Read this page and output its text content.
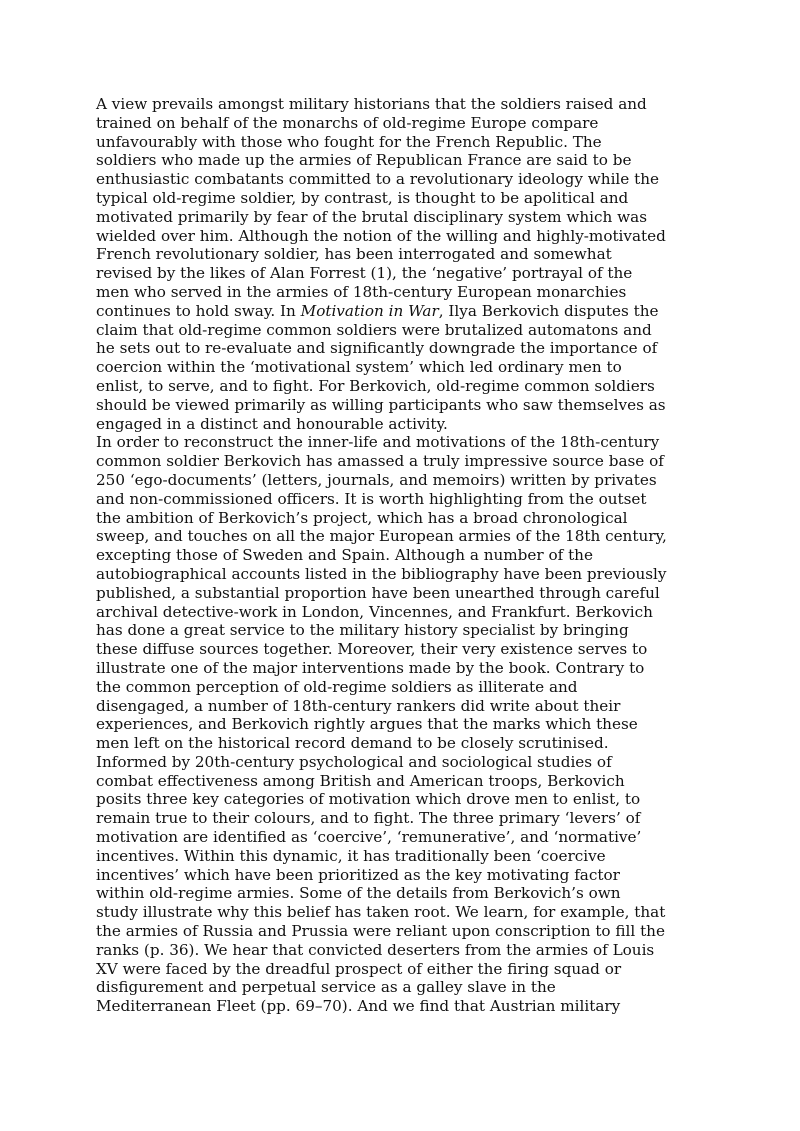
A view prevails amongst military historians that the soldiers raised and
trained on behalf of the monarchs of old-regime Europe compare
unfavourably with those who fought for the French Republic. The
soldiers who made up the armies of Republican France are said to be
enthusiastic combatants committed to a revolutionary ideology while the
typical old-regime soldier, by contrast, is thought to be apolitical and
motivated primarily by fear of the brutal disciplinary system which was
wielded over him. Although the notion of the willing and highly-motivated
French revolutionary soldier, has been interrogated and somewhat
revised by the likes of Alan Forrest (1), the ‘negative’ portrayal of the
men who served in the armies of 18th-century European monarchies
continues to hold sway. In Motivation in War, Ilya Berkovich disputes the
claim that old-regime common soldiers were brutalized automatons and
he sets out to re-evaluate and significantly downgrade the importance of
coercion within the ‘motivational system’ which led ordinary men to
enlist, to serve, and to fight. For Berkovich, old-regime common soldiers
should be viewed primarily as willing participants who saw themselves as
engaged in a distinct and honourable activity.
In order to reconstruct the inner-life and motivations of the 18th-century
common soldier Berkovich has amassed a truly impressive source base of
250 ‘ego-documents’ (letters, journals, and memoirs) written by privates
and non-commissioned officers. It is worth highlighting from the outset
the ambition of Berkovich’s project, which has a broad chronological
sweep, and touches on all the major European armies of the 18th century,
excepting those of Sweden and Spain. Although a number of the
autobiographical accounts listed in the bibliography have been previously
published, a substantial proportion have been unearthed through careful
archival detective-work in London, Vincennes, and Frankfurt. Berkovich
has done a great service to the military history specialist by bringing
these diffuse sources together. Moreover, their very existence serves to
illustrate one of the major interventions made by the book. Contrary to
the common perception of old-regime soldiers as illiterate and
disengaged, a number of 18th-century rankers did write about their
experiences, and Berkovich rightly argues that the marks which these
men left on the historical record demand to be closely scrutinised.
Informed by 20th-century psychological and sociological studies of
combat effectiveness among British and American troops, Berkovich
posits three key categories of motivation which drove men to enlist, to
remain true to their colours, and to fight. The three primary ‘levers’ of
motivation are identified as ‘coercive’, ‘remunerative’, and ‘normative’
incentives. Within this dynamic, it has traditionally been ‘coercive
incentives’ which have been prioritized as the key motivating factor
within old-regime armies. Some of the details from Berkovich’s own
study illustrate why this belief has taken root. We learn, for example, that
the armies of Russia and Prussia were reliant upon conscription to fill the
ranks (p. 36). We hear that convicted deserters from the armies of Louis
XV were faced by the dreadful prospect of either the firing squad or
disfigurement and perpetual service as a galley slave in the
Mediterranean Fleet (pp. 69–70). And we find that Austrian military
